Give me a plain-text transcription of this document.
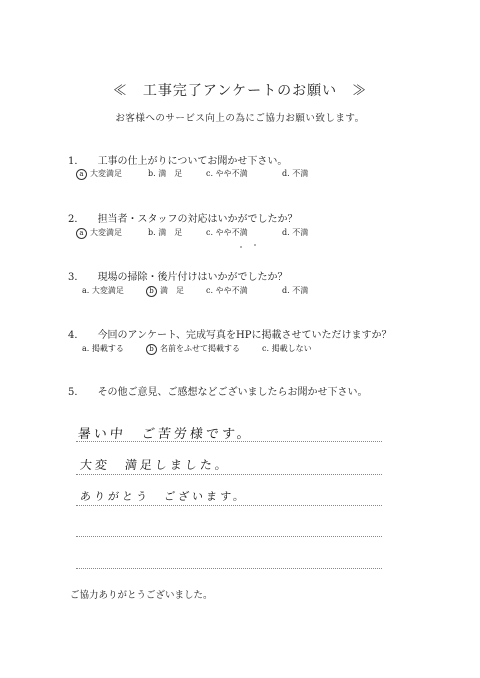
≪　工事完了アンケートのお願い　≫
お客様へのサービス向上の為にご協力お願い致します。
1． 工事の仕上がりについてお聞かせ下さい。
a 大変満足	b. 満　足	c. やや不満	d. 不満
2． 担当者・スタッフの対応はいかがでしたか？
a 大変満足	b. 満　足	c. やや不満	d. 不満
3． 現場の掃除・後片付けはいかがでしたか？
a. 大変満足	b 満　足	c. やや不満	d. 不満
4． 今回のアンケート、完成写真をHPに掲載させていただけますか？
a. 掲載する	b 名前をふせて掲載する	c. 掲載しない
5． その他ご意見、ご感想などございましたらお聞かせ下さい。
暑い中　ご苦労様です。
大変　満足しました。
ありがとう　ございます。
ご協力ありがとうございました。
